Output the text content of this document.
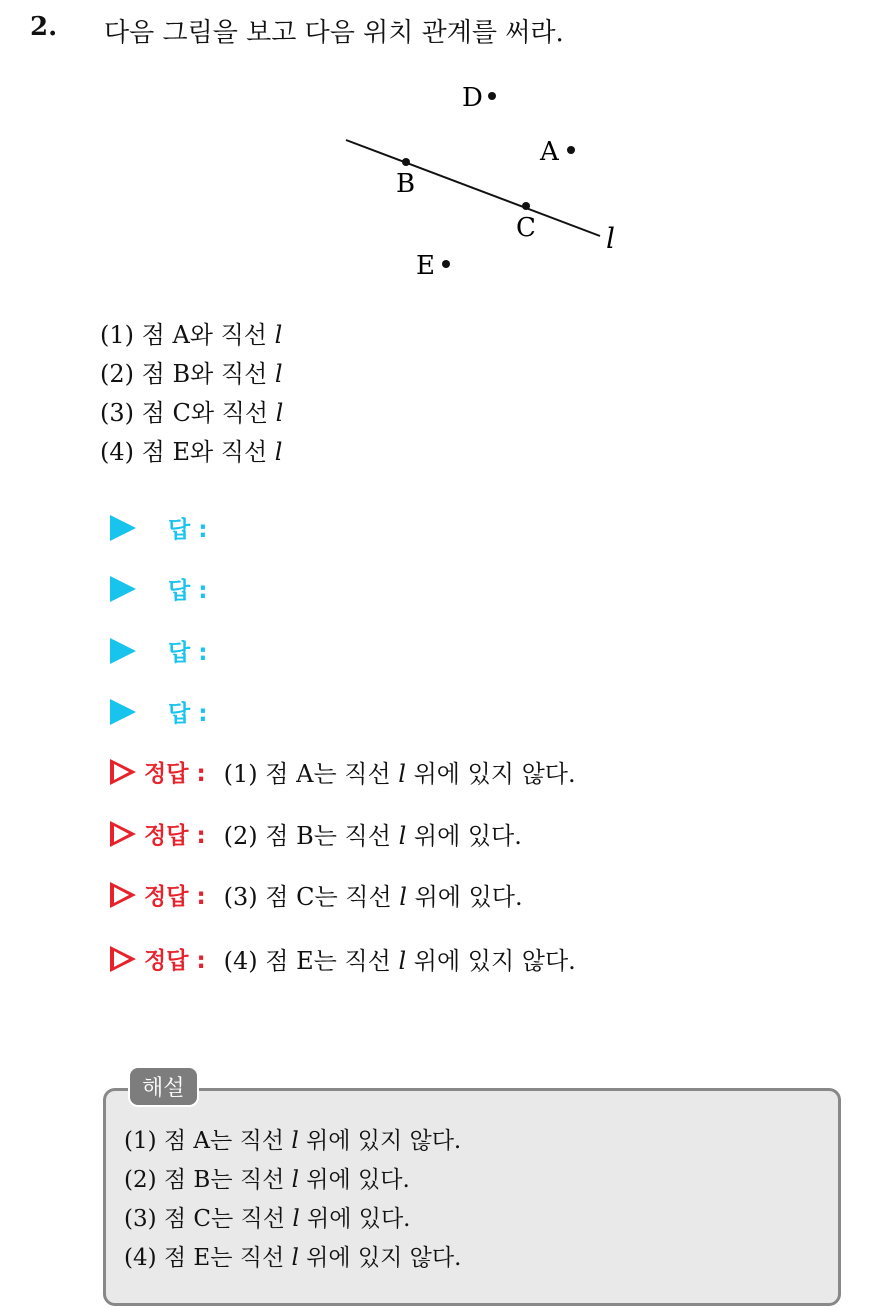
2. 다음 그림을 보고 다음 위치 관계를 써라.
D
A
B
C
E
l
(1) 점 A와 직선 l
(2) 점 B와 직선 l
(3) 점 C와 직선 l
(4) 점 E와 직선 l
답 :
답 :
답 :
답 :
정답 : (1) 점 A는 직선 l 위에 있지 않다.
정답 : (2) 점 B는 직선 l 위에 있다.
정답 : (3) 점 C는 직선 l 위에 있다.
정답 : (4) 점 E는 직선 l 위에 있지 않다.
해설
(1) 점 A는 직선 l 위에 있지 않다.
(2) 점 B는 직선 l 위에 있다.
(3) 점 C는 직선 l 위에 있다.
(4) 점 E는 직선 l 위에 있지 않다.
